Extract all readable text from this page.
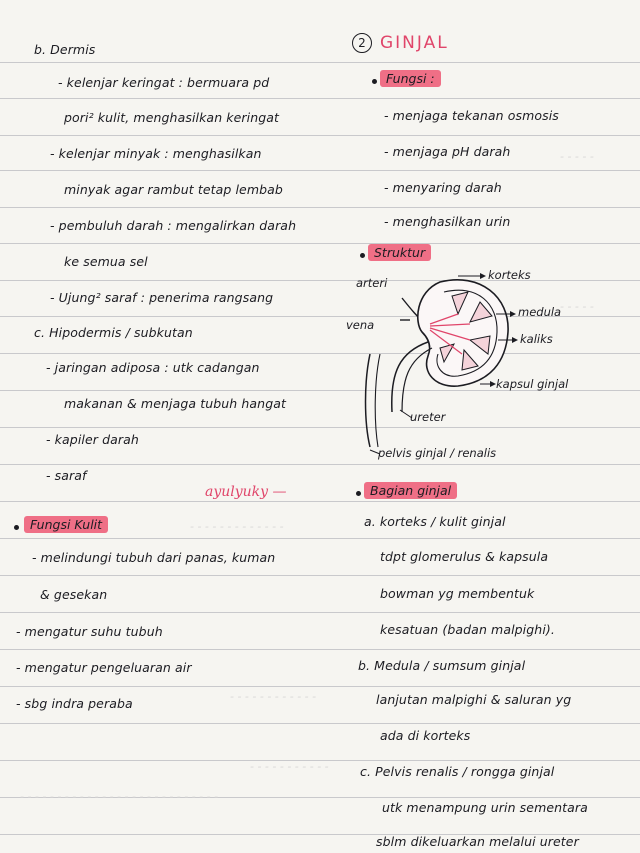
- - - - - - - - - - - - -
- - - - - - - - - - - -
- - - - - - - - - - -
- - - - - - - - - - - - - - - - - - - - - - - - - - -
- - - - -
- - - - -
b. Dermis
- kelenjar keringat : bermuara pd
pori² kulit, menghasilkan keringat
- kelenjar minyak : menghasilkan
minyak agar rambut tetap lembab
- pembuluh darah : mengalirkan darah
ke semua sel
- Ujung² saraf : penerima rangsang
c. Hipodermis / subkutan
- jaringan adiposa : utk cadangan
makanan & menjaga tubuh hangat
- kapiler darah
- saraf
ayulyuky —
Fungsi Kulit
- melindungi tubuh dari panas, kuman
& gesekan
- mengatur suhu tubuh
- mengatur pengeluaran air
- sbg indra peraba
2 GINJAL
Fungsi :
- menjaga tekanan osmosis
- menjaga pH darah
- menyaring darah
- menghasilkan urin
Struktur
arteri
vena
korteks
medula
kaliks
kapsul ginjal
ureter
pelvis ginjal / renalis
Bagian ginjal
a. korteks / kulit ginjal
tdpt glomerulus & kapsula
bowman yg membentuk
kesatuan (badan malpighi).
b. Medula / sumsum ginjal
lanjutan malpighi & saluran yg
ada di korteks
c. Pelvis renalis / rongga ginjal
utk menampung urin sementara
sblm dikeluarkan melalui ureter
